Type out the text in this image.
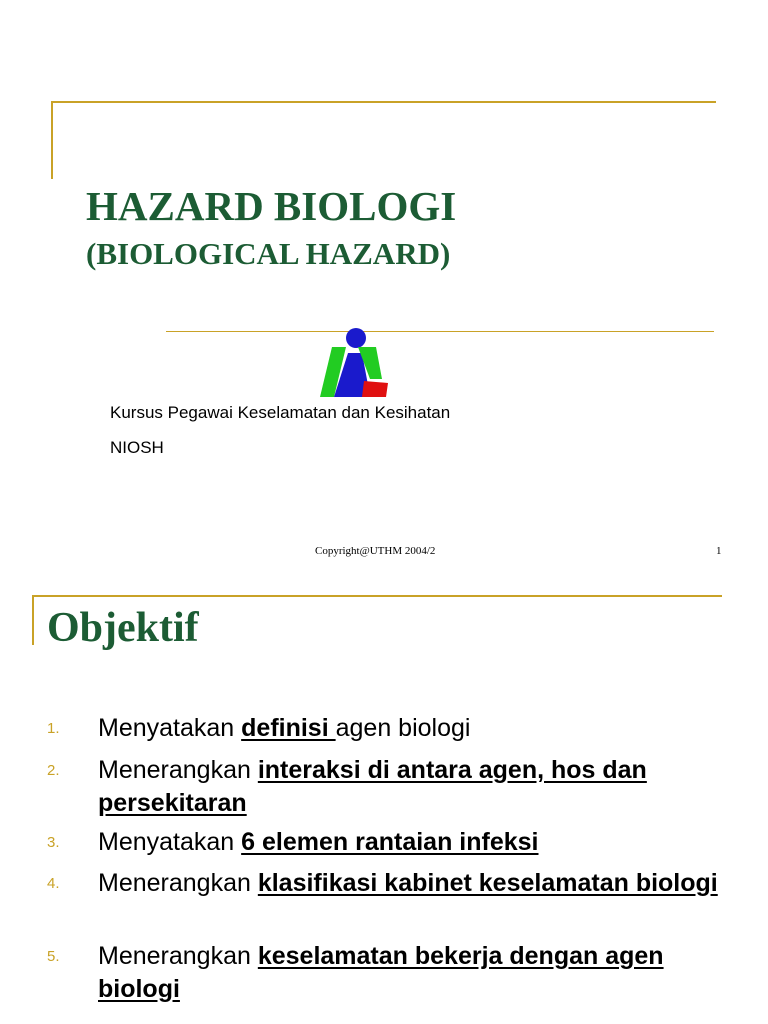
HAZARD BIOLOGI
(BIOLOGICAL HAZARD)
Kursus Pegawai Keselamatan dan Kesihatan
NIOSH
Copyright@UTHM 2004/2	1
Objektif
1. Menyatakan definisi agen biologi
2. Menerangkan interaksi di antara agen, hos dan persekitaran
3. Menyatakan 6 elemen rantaian infeksi
4. Menerangkan klasifikasi kabinet keselamatan biologi
5. Menerangkan keselamatan bekerja dengan agen biologi
